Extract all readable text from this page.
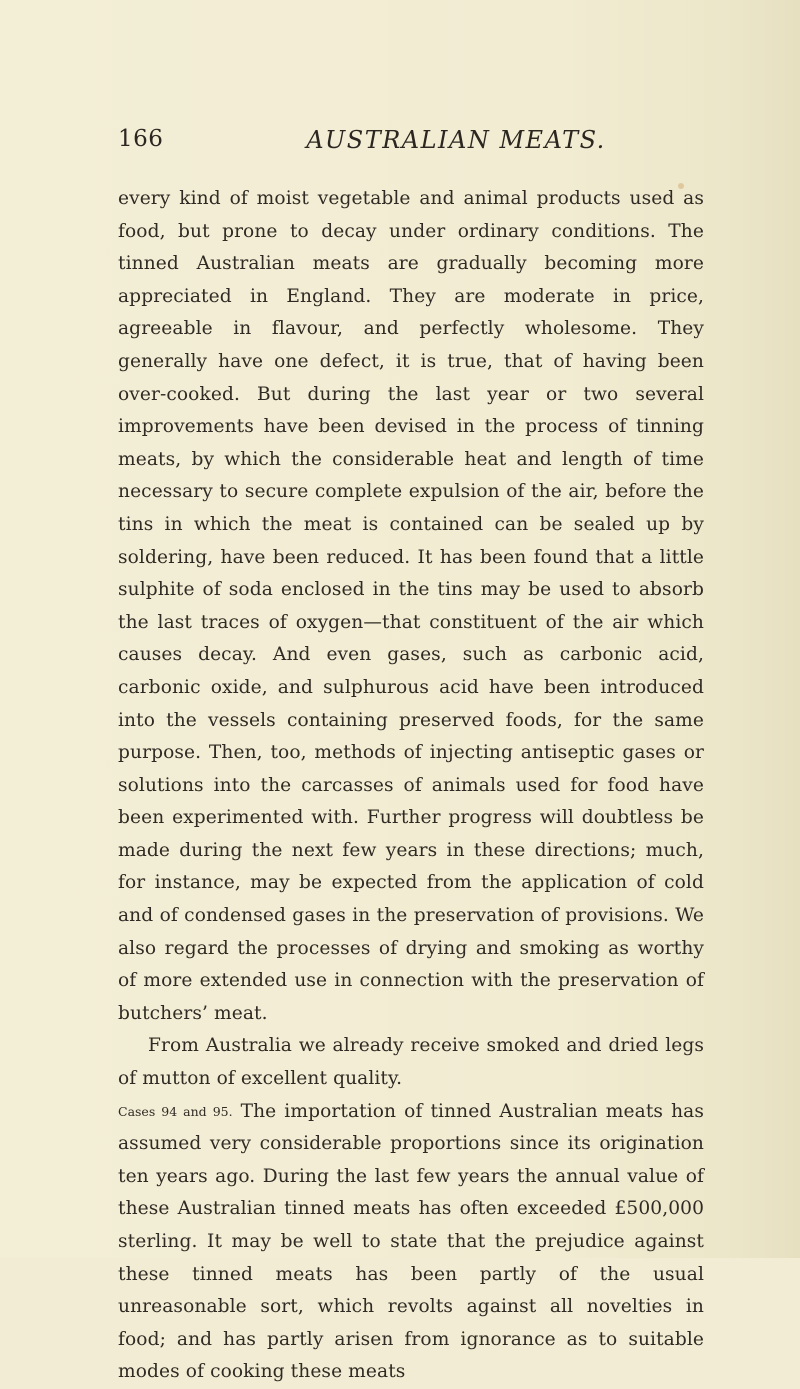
166	AUSTRALIAN MEATS.

every kind of moist vegetable and animal products used as food, but prone to decay under ordinary conditions. The tinned Australian meats are gradually becoming more appreciated in England. They are moderate in price, agreeable in flavour, and perfectly wholesome. They generally have one defect, it is true, that of having been over-cooked. But during the last year or two several improvements have been devised in the process of tinning meats, by which the considerable heat and length of time necessary to secure complete expulsion of the air, before the tins in which the meat is contained can be sealed up by soldering, have been reduced. It has been found that a little sulphite of soda enclosed in the tins may be used to absorb the last traces of oxygen—that constituent of the air which causes decay. And even gases, such as carbonic acid, carbonic oxide, and sulphurous acid have been introduced into the vessels containing preserved foods, for the same purpose. Then, too, methods of injecting antiseptic gases or solutions into the carcasses of animals used for food have been experimented with. Further progress will doubtless be made during the next few years in these directions; much, for instance, may be expected from the application of cold and of condensed gases in the preservation of provisions. We also regard the processes of drying and smoking as worthy of more extended use in connection with the preservation of butchers’ meat.

From Australia we already receive smoked and dried legs of mutton of excellent quality.

Cases 94 and 95. The importation of tinned Australian meats has assumed very considerable proportions since its origination ten years ago. During the last few years the annual value of these Australian tinned meats has often exceeded £500,000 sterling. It may be well to state that the prejudice against these tinned meats has been partly of the usual unreasonable sort, which revolts against all novelties in food; and has partly arisen from ignorance as to suitable modes of cooking these meats
